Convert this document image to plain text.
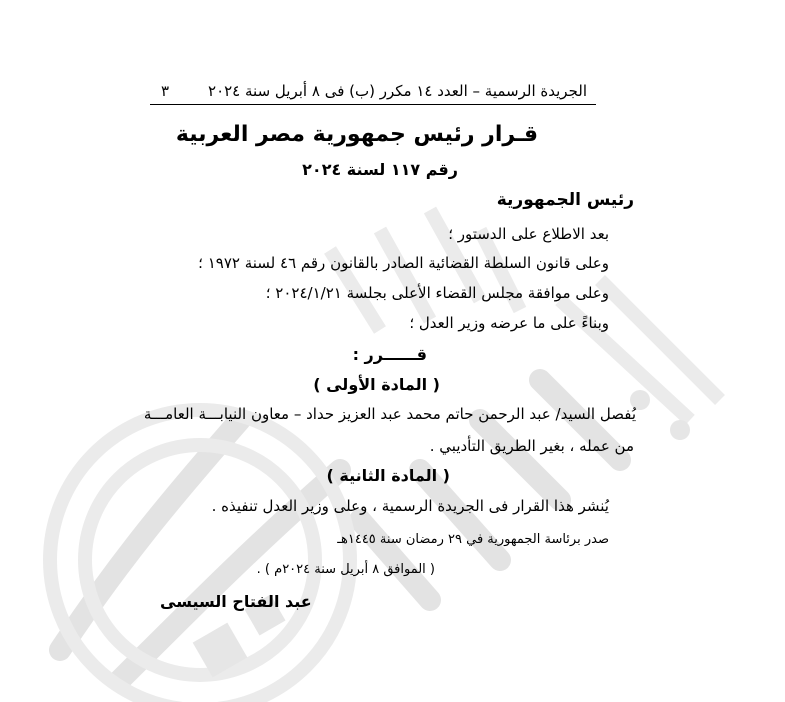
الجريدة الرسمية – العدد ١٤ مكرر (ب) فى ٨ أبريل سنة ٢٠٢٤
٣
قـرار رئيس جمهورية مصر العربية
رقم ١١٧ لسنة ٢٠٢٤
رئيس الجمهورية
بعد الاطلاع على الدستور ؛
وعلى قانون السلطة القضائية الصادر بالقانون رقم ٤٦ لسنة ١٩٧٢ ؛
وعلى موافقة مجلس القضاء الأعلى بجلسة ٢٠٢٤/١/٢١ ؛
وبناءً على ما عرضه وزير العدل ؛
قــــــرر :
( المادة الأولى )
يُفصل السيد/ عبد الرحمن حاتم محمد عبد العزيز حداد – معاون النيابـــة العامـــة
من عمله ، بغير الطريق التأديبي .
( المادة الثانية )
يُنشر هذا القرار فى الجريدة الرسمية ، وعلى وزير العدل تنفيذه .
صدر برئاسة الجمهورية في ٢٩ رمضان سنة ١٤٤٥هـ
( الموافق ٨ أبريل سنة ٢٠٢٤م ) .
عبد الفتاح السيسى
